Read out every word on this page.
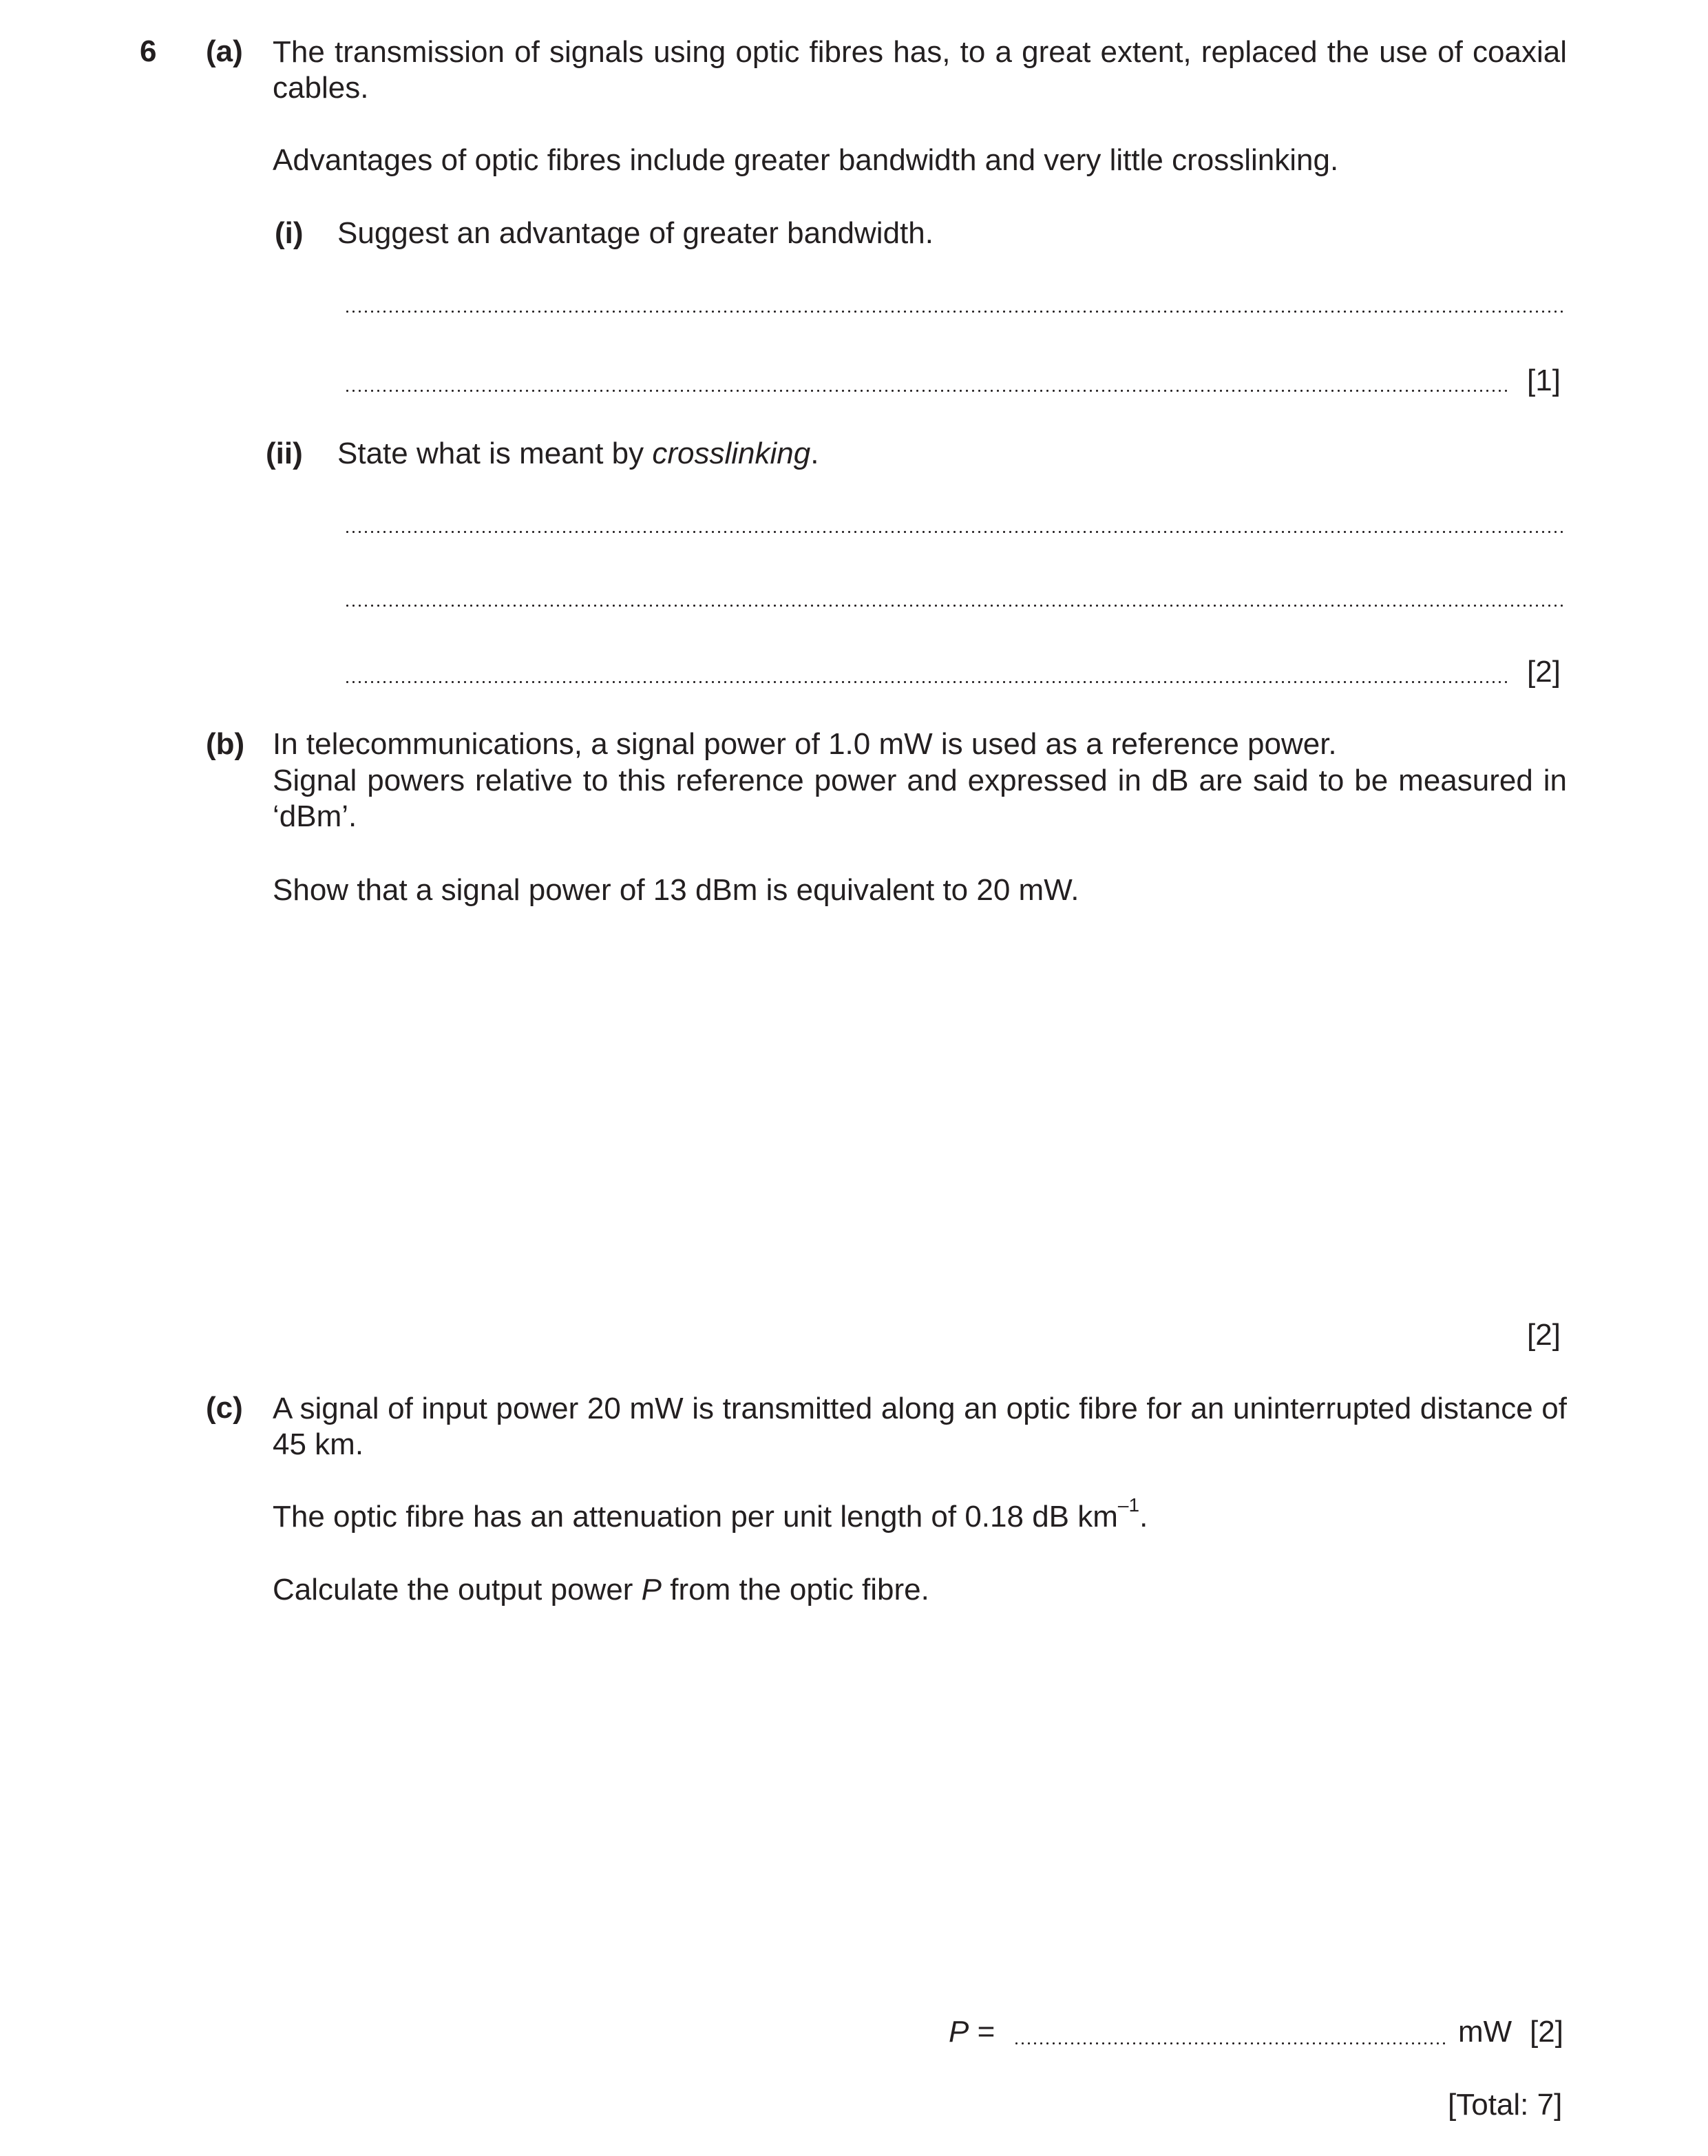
6 (a) The transmission of signals using optic fibres has, to a great extent, replaced the use of coaxial cables.
Advantages of optic fibres include greater bandwidth and very little crosslinking.
(i) Suggest an advantage of greater bandwidth.
[1]
(ii) State what is meant by crosslinking.
[2]
(b) In telecommunications, a signal power of 1.0 mW is used as a reference power.
Signal powers relative to this reference power and expressed in dB are said to be measured in ‘dBm’.
Show that a signal power of 13 dBm is equivalent to 20 mW.
[2]
(c) A signal of input power 20 mW is transmitted along an optic fibre for an uninterrupted distance of 45 km.
The optic fibre has an attenuation per unit length of 0.18 dB $km^{-1}$.
Calculate the output power P from the optic fibre.
P =	mW [2]
[Total: 7]
